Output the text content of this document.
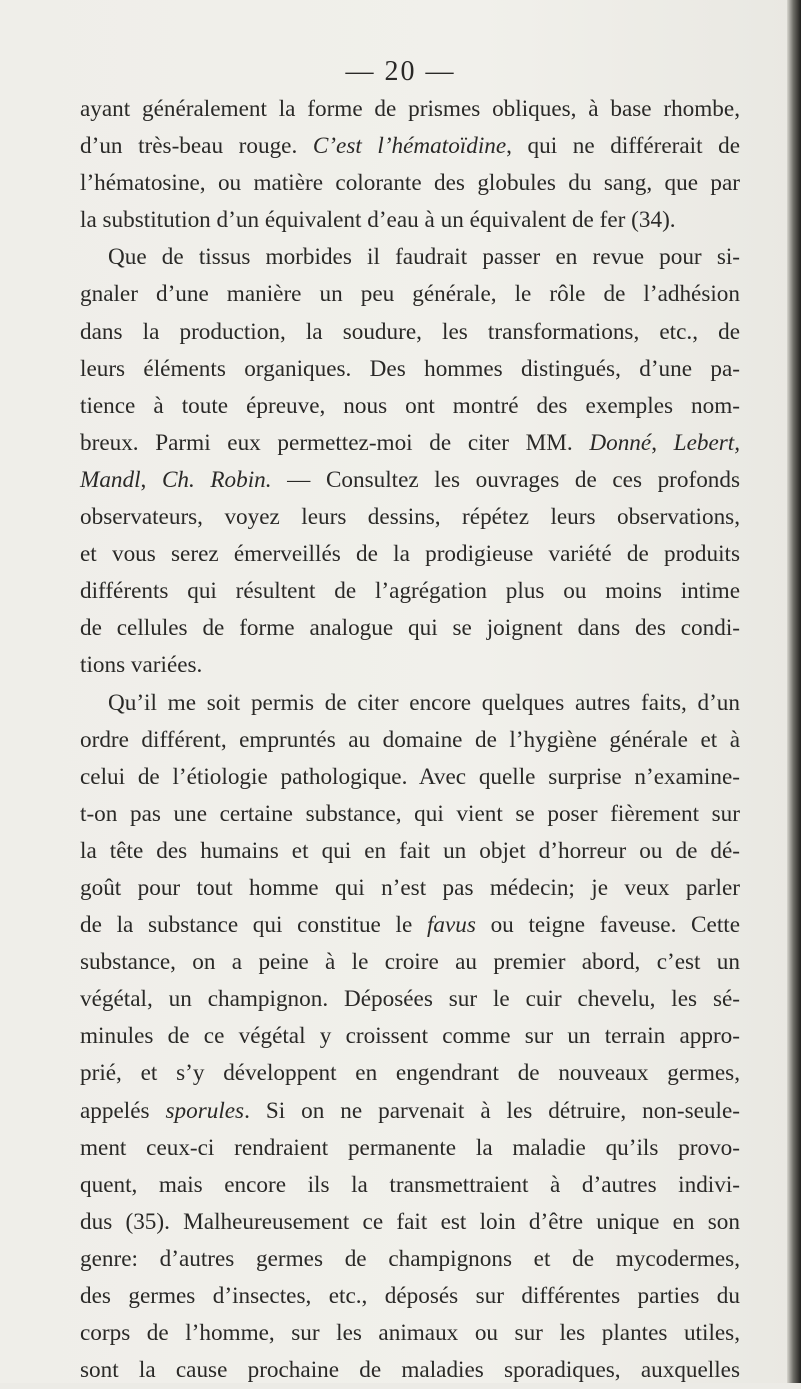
— 20 —
ayant généralement la forme de prismes obliques, à base rhombe,
d’un très-beau rouge. C’est l’hématoïdine, qui ne différerait de
l’hématosine, ou matière colorante des globules du sang, que par
la substitution d’un équivalent d’eau à un équivalent de fer (34).
Que de tissus morbides il faudrait passer en revue pour si-
gnaler d’une manière un peu générale, le rôle de l’adhésion
dans la production, la soudure, les transformations, etc., de
leurs éléments organiques. Des hommes distingués, d’une pa-
tience à toute épreuve, nous ont montré des exemples nom-
breux. Parmi eux permettez-moi de citer MM. Donné, Lebert,
Mandl, Ch. Robin. — Consultez les ouvrages de ces profonds
observateurs, voyez leurs dessins, répétez leurs observations,
et vous serez émerveillés de la prodigieuse variété de produits
différents qui résultent de l’agrégation plus ou moins intime
de cellules de forme analogue qui se joignent dans des condi-
tions variées.
Qu’il me soit permis de citer encore quelques autres faits, d’un
ordre différent, empruntés au domaine de l’hygiène générale et à
celui de l’étiologie pathologique. Avec quelle surprise n’examine-
t-on pas une certaine substance, qui vient se poser fièrement sur
la tête des humains et qui en fait un objet d’horreur ou de dé-
goût pour tout homme qui n’est pas médecin; je veux parler
de la substance qui constitue le favus ou teigne faveuse. Cette
substance, on a peine à le croire au premier abord, c’est un
végétal, un champignon. Déposées sur le cuir chevelu, les sé-
minules de ce végétal y croissent comme sur un terrain appro-
prié, et s’y développent en engendrant de nouveaux germes,
appelés sporules. Si on ne parvenait à les détruire, non-seule-
ment ceux-ci rendraient permanente la maladie qu’ils provo-
quent, mais encore ils la transmettraient à d’autres indivi-
dus (35). Malheureusement ce fait est loin d’être unique en son
genre: d’autres germes de champignons et de mycodermes,
des germes d’insectes, etc., déposés sur différentes parties du
corps de l’homme, sur les animaux ou sur les plantes utiles,
sont la cause prochaine de maladies sporadiques, auxquelles
